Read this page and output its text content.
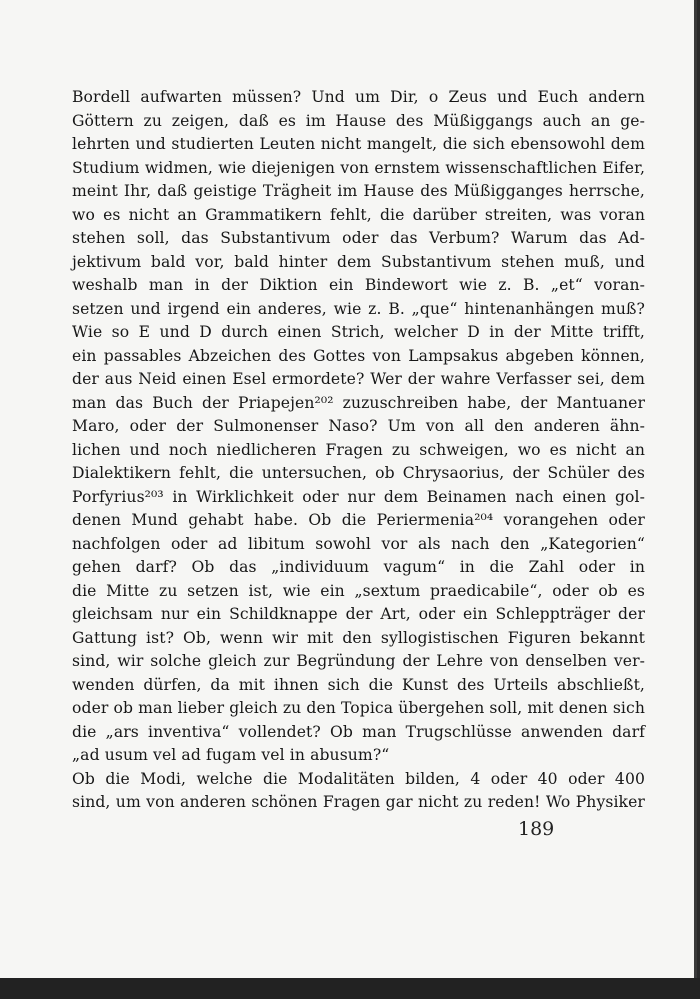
Bordell aufwarten müssen? Und um Dir, o Zeus und Euch andern
Göttern zu zeigen, daß es im Hause des Müßiggangs auch an ge-
lehrten und studierten Leuten nicht mangelt, die sich ebensowohl dem
Studium widmen, wie diejenigen von ernstem wissenschaftlichen Eifer,
meint Ihr, daß geistige Trägheit im Hause des Müßigganges herrsche,
wo es nicht an Grammatikern fehlt, die darüber streiten, was voran
stehen soll, das Substantivum oder das Verbum? Warum das Ad-
jektivum bald vor, bald hinter dem Substantivum stehen muß, und
weshalb man in der Diktion ein Bindewort wie z. B. „et“ voran-
setzen und irgend ein anderes, wie z. B. „que“ hintenanhängen muß?
Wie so E und D durch einen Strich, welcher D in der Mitte trifft,
ein passables Abzeichen des Gottes von Lampsakus abgeben können,
der aus Neid einen Esel ermordete? Wer der wahre Verfasser sei, dem
man das Buch der Priapejen²⁰² zuzuschreiben habe, der Mantuaner
Maro, oder der Sulmonenser Naso? Um von all den anderen ähn-
lichen und noch niedlicheren Fragen zu schweigen, wo es nicht an
Dialektikern fehlt, die untersuchen, ob Chrysaorius, der Schüler des
Porfyrius²⁰³ in Wirklichkeit oder nur dem Beinamen nach einen gol-
denen Mund gehabt habe. Ob die Periermenia²⁰⁴ vorangehen oder
nachfolgen oder ad libitum sowohl vor als nach den „Kategorien“
gehen darf? Ob das „individuum vagum“ in die Zahl oder in
die Mitte zu setzen ist, wie ein „sextum praedicabile“, oder ob es
gleichsam nur ein Schildknappe der Art, oder ein Schleppträger der
Gattung ist? Ob, wenn wir mit den syllogistischen Figuren bekannt
sind, wir solche gleich zur Begründung der Lehre von denselben ver-
wenden dürfen, da mit ihnen sich die Kunst des Urteils abschließt,
oder ob man lieber gleich zu den Topica übergehen soll, mit denen sich
die „ars inventiva“ vollendet? Ob man Trugschlüsse anwenden darf
„ad usum vel ad fugam vel in abusum?“
Ob die Modi, welche die Modalitäten bilden, 4 oder 40 oder 400
sind, um von anderen schönen Fragen gar nicht zu reden! Wo Physiker
189
